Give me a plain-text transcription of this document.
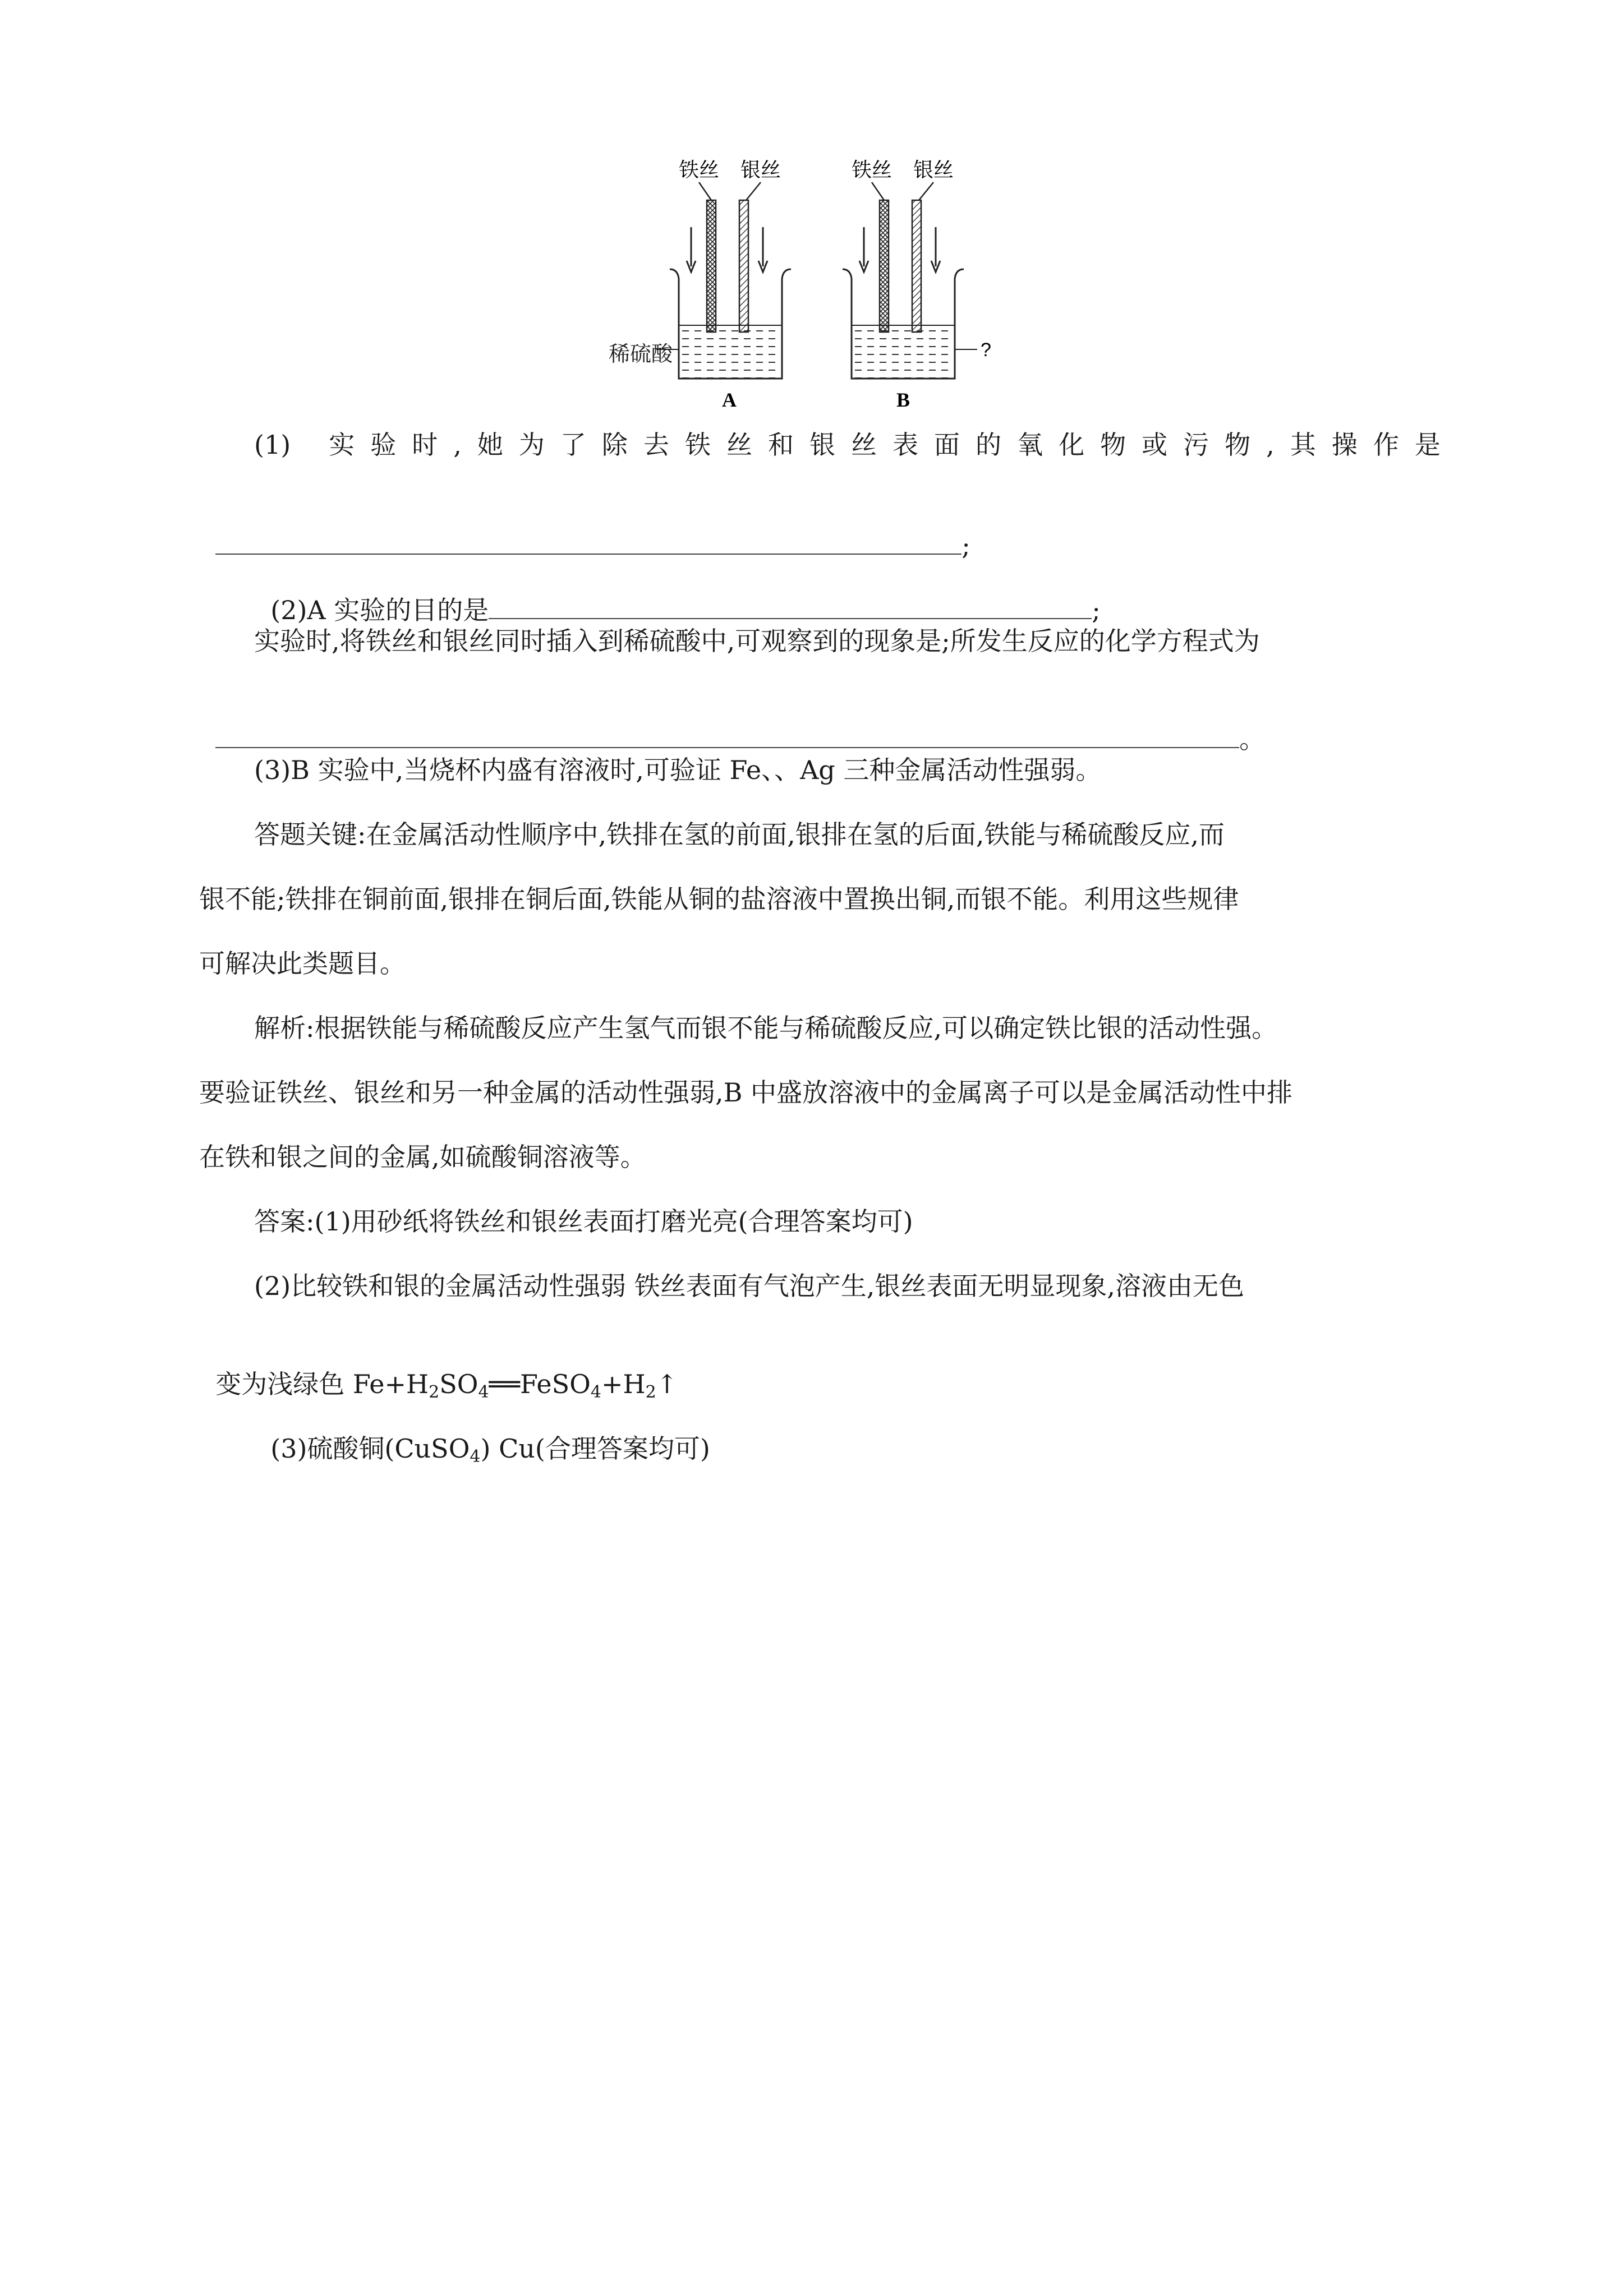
铁丝 银丝
A
铁丝 银丝
?
B
稀硫酸
(1) 实 验 时 , 她 为 了 除 去 铁 丝 和 银 丝 表 面 的 氧 化 物 或 污 物 , 其 操 作 是

;

(2)A 实验的目的是	;

实验时,将铁丝和银丝同时插入到稀硫酸中,可观察到的现象是;所发生反应的化学方程式为

。

(3)B 实验中,当烧杯内盛有溶液时,可验证 Fe、、Ag 三种金属活动性强弱。
答题关键:在金属活动性顺序中,铁排在氢的前面,银排在氢的后面,铁能与稀硫酸反应,而
银不能;铁排在铜前面,银排在铜后面,铁能从铜的盐溶液中置换出铜,而银不能。利用这些规律
可解决此类题目。
解析:根据铁能与稀硫酸反应产生氢气而银不能与稀硫酸反应,可以确定铁比银的活动性强。
要验证铁丝、银丝和另一种金属的活动性强弱,B 中盛放溶液中的金属离子可以是金属活动性中排
在铁和银之间的金属,如硫酸铜溶液等。
答案:(1)用砂纸将铁丝和银丝表面打磨光亮(合理答案均可)
(2)比较铁和银的金属活动性强弱 铁丝表面有气泡产生,银丝表面无明显现象,溶液由无色

变为浅绿色 $Fe+H_2SO_4══FeSO_4+H_2↑$

(3)硫酸铜(CuSO$_4$) Cu(合理答案均可)
